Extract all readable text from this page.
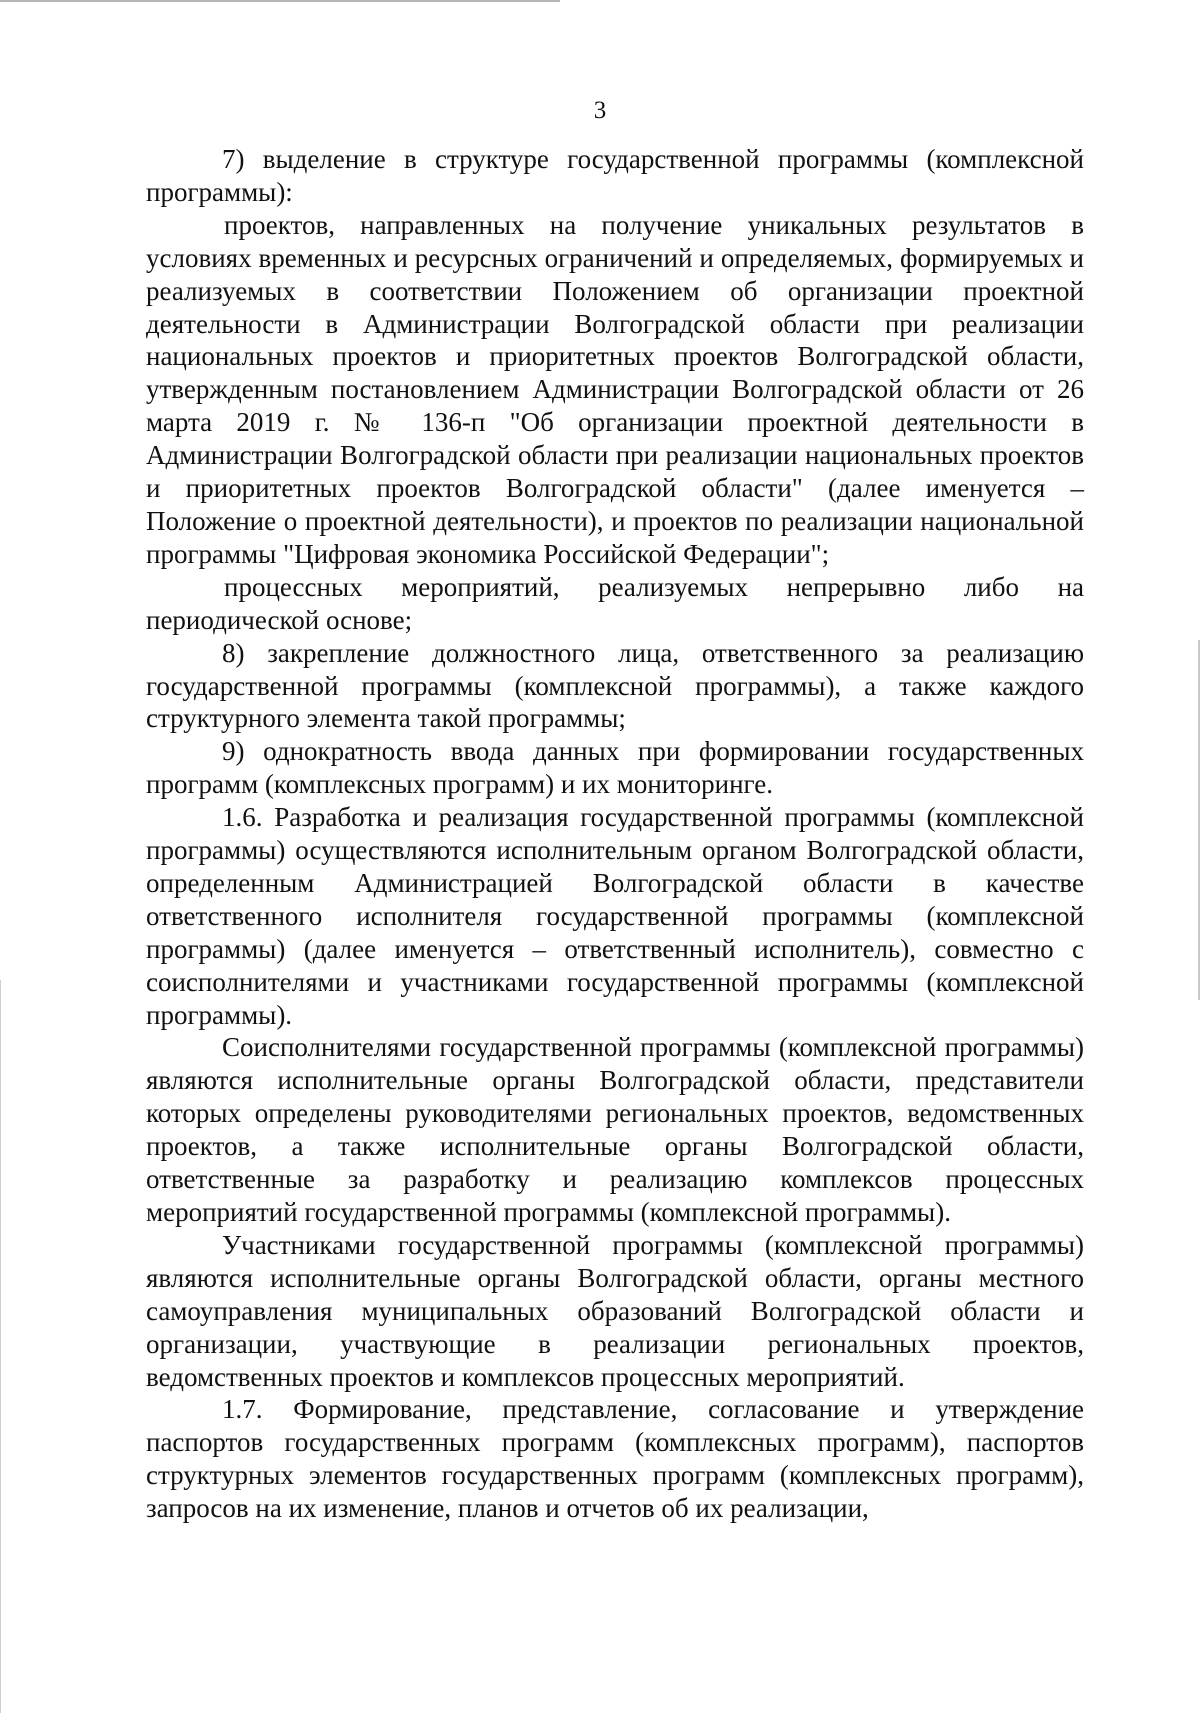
3

7) выделение в структуре государственной программы (комплексной программы):

проектов, направленных на получение уникальных результатов в условиях временных и ресурсных ограничений и определяемых, формируемых и реализуемых в соответствии Положением об организации проектной деятельности в Администрации Волгоградской области при реализации национальных проектов и приоритетных проектов Волгоградской области, утвержденным постановлением Администрации Волгоградской области от 26 марта 2019 г. № 136-п "Об организации проектной деятельности в Администрации Волгоградской области при реализации национальных проектов и приоритетных проектов Волгоградской области" (далее именуется – Положение о проектной деятельности), и проектов по реализации национальной программы "Цифровая экономика Российской Федерации";

процессных мероприятий, реализуемых непрерывно либо на периодической основе;

8) закрепление должностного лица, ответственного за реализацию государственной программы (комплексной программы), а также каждого структурного элемента такой программы;

9) однократность ввода данных при формировании государственных программ (комплексных программ) и их мониторинге.

1.6. Разработка и реализация государственной программы (комплексной программы) осуществляются исполнительным органом Волгоградской области, определенным Администрацией Волгоградской области в качестве ответственного исполнителя государственной программы (комплексной программы) (далее именуется – ответственный исполнитель), совместно с соисполнителями и участниками государственной программы (комплексной программы).

Соисполнителями государственной программы (комплексной программы) являются исполнительные органы Волгоградской области, представители которых определены руководителями региональных проектов, ведомственных проектов, а также исполнительные органы Волгоградской области, ответственные за разработку и реализацию комплексов процессных мероприятий государственной программы (комплексной программы).

Участниками государственной программы (комплексной программы) являются исполнительные органы Волгоградской области, органы местного самоуправления муниципальных образований Волгоградской области и организации, участвующие в реализации региональных проектов, ведомственных проектов и комплексов процессных мероприятий.

1.7. Формирование, представление, согласование и утверждение паспортов государственных программ (комплексных программ), паспортов структурных элементов государственных программ (комплексных программ), запросов на их изменение, планов и отчетов об их реализации,
